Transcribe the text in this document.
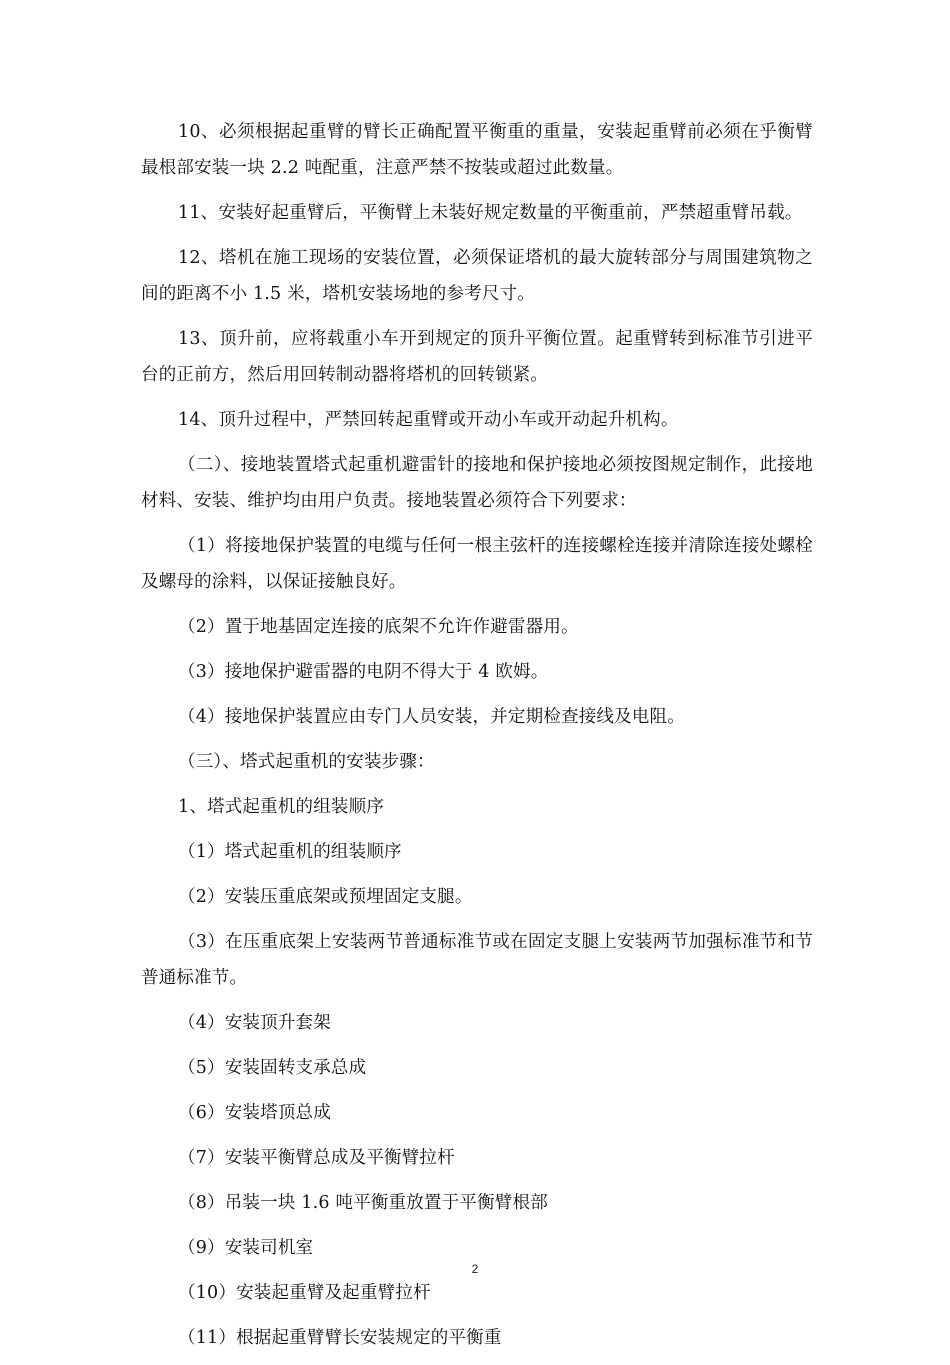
10、必须根据起重臂的臂长正确配置平衡重的重量，安装起重臂前必须在乎衡臂最根部安装一块 2.2 吨配重，注意严禁不按装或超过此数量。

11、安装好起重臂后，平衡臂上未装好规定数量的平衡重前，严禁超重臂吊载。

12、塔机在施工现场的安装位置，必须保证塔机的最大旋转部分与周围建筑物之间的距离不小 1.5 米，塔机安装场地的参考尺寸。

13、顶升前，应将载重小车开到规定的顶升平衡位置。起重臂转到标准节引进平台的正前方，然后用回转制动器将塔机的回转锁紧。

14、顶升过程中，严禁回转起重臂或开动小车或开动起升机构。

（二）、接地装置塔式起重机避雷针的接地和保护接地必须按图规定制作，此接地材料、安装、维护均由用户负责。接地装置必须符合下列要求：

（1）将接地保护装置的电缆与任何一根主弦杆的连接螺栓连接并清除连接处螺栓及螺母的涂料，以保证接触良好。

（2）置于地基固定连接的底架不允许作避雷器用。

（3）接地保护避雷器的电阴不得大于 4 欧姆。

（4）接地保护装置应由专门人员安装，并定期检查接线及电阻。

（三）、塔式起重机的安装步骤：

1、塔式起重机的组装顺序

（1）塔式起重机的组装顺序

（2）安装压重底架或预埋固定支腿。

（3）在压重底架上安装两节普通标准节或在固定支腿上安装两节加强标准节和节普通标准节。

（4）安装顶升套架

（5）安装固转支承总成

（6）安装塔顶总成

（7）安装平衡臂总成及平衡臂拉杆

（8）吊装一块 1.6 吨平衡重放置于平衡臂根部

（9）安装司机室

（10）安装起重臂及起重臂拉杆

（11）根据起重臂臂长安装规定的平衡重

2
